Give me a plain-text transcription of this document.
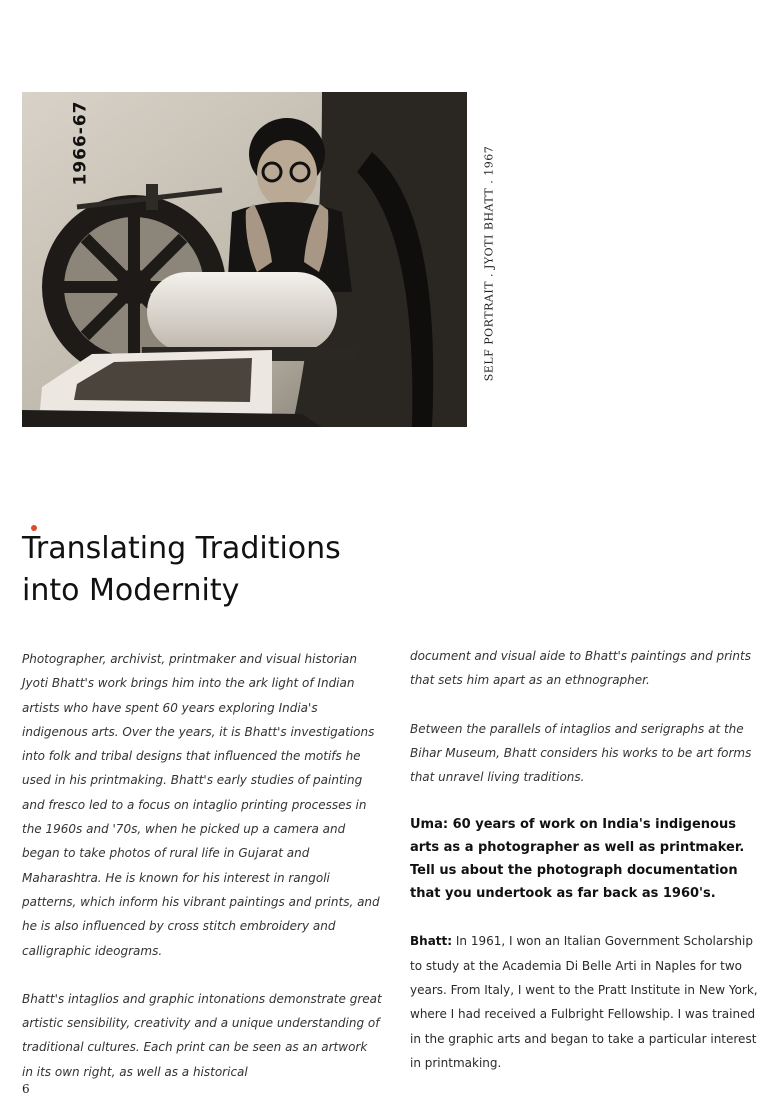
1966-67
SELF PORTRAIT . JYOTI BHATT . 1967
Translating Traditions
into Modernity

Photographer, archivist, printmaker and visual historian Jyoti Bhatt's work brings him into the ark light of Indian artists who have spent 60 years exploring India's indigenous arts. Over the years, it is Bhatt's investigations into folk and tribal designs that influenced the motifs he used in his printmaking. Bhatt's early studies of painting and fresco led to a focus on intaglio printing processes in the 1960s and '70s, when he picked up a camera and began to take photos of rural life in Gujarat and Maharashtra. He is known for his interest in rangoli patterns, which inform his vibrant paintings and prints, and he is also influenced by cross stitch embroidery and calligraphic ideograms.

Bhatt's intaglios and graphic intonations demonstrate great artistic sensibility, creativity and a unique understanding of traditional cultures. Each print can be seen as an artwork in its own right, as well as a historical

document and visual aide to Bhatt's paintings and prints that sets him apart as an ethnographer.

Between the parallels of intaglios and serigraphs at the Bihar Museum, Bhatt considers his works to be art forms that unravel living traditions.

Uma: 60 years of work on India's indigenous arts as a photographer as well as printmaker. Tell us about the photograph documentation that you undertook as far back as 1960's.

Bhatt: In 1961, I won an Italian Government Scholarship to study at the Academia Di Belle Arti in Naples for two years. From Italy, I went to the Pratt Institute in New York, where I had received a Fulbright Fellowship. I was trained in the graphic arts and began to take a particular interest in printmaking.

6
